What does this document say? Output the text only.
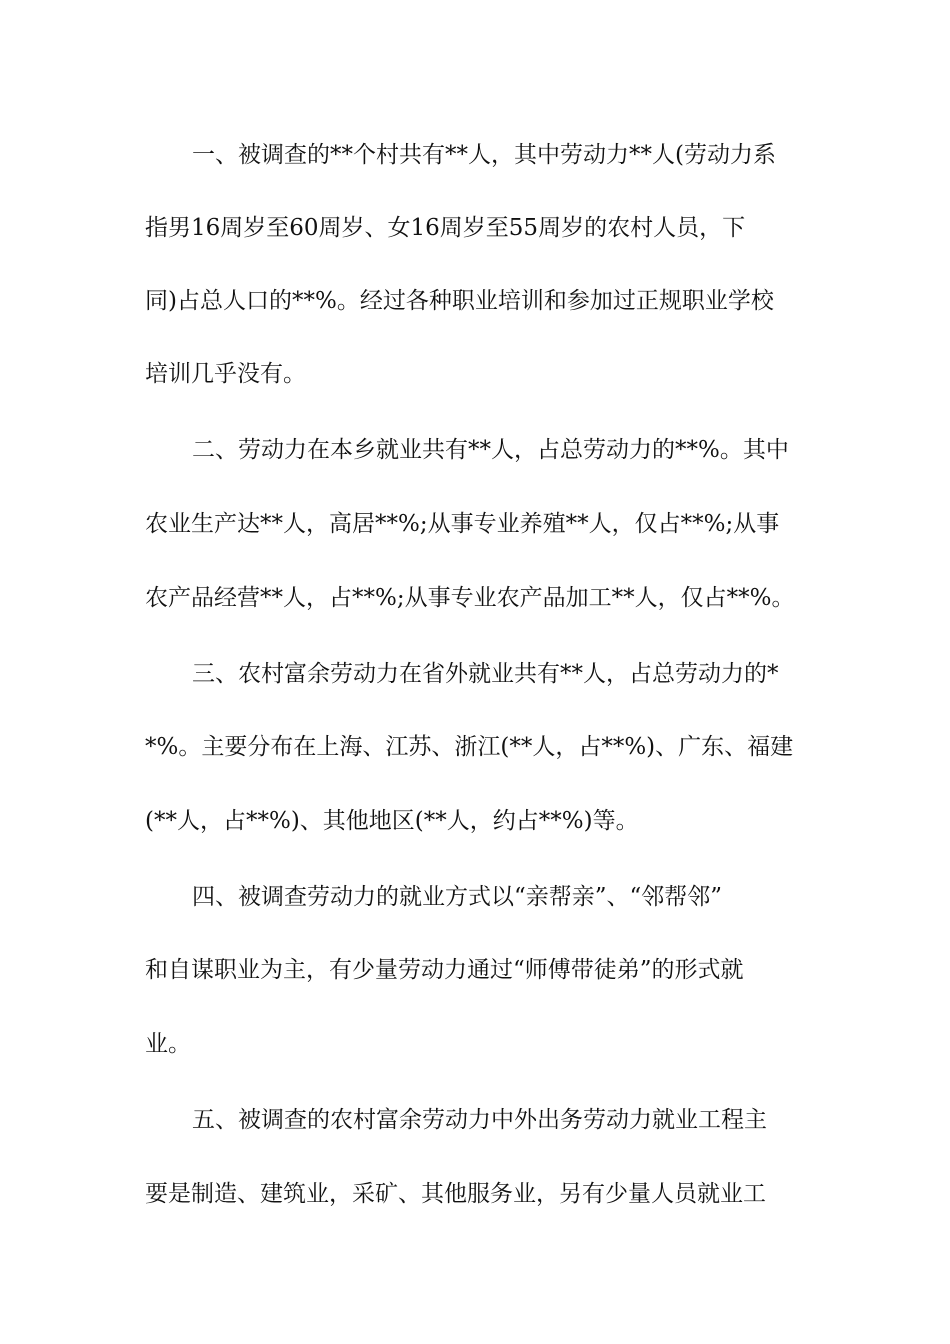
一、被调查的**个村共有**人，其中劳动力**人(劳动力系
指男16周岁至60周岁、女16周岁至55周岁的农村人员，下
同)占总人口的**%。经过各种职业培训和参加过正规职业学校
培训几乎没有。
二、劳动力在本乡就业共有**人，占总劳动力的**%。其中
农业生产达**人，高居**%;从事专业养殖**人，仅占**%;从事
农产品经营**人，占**%;从事专业农产品加工**人，仅占**%。
三、农村富余劳动力在省外就业共有**人，占总劳动力的*
*%。主要分布在上海、江苏、浙江(**人，占**%)、广东、福建
(**人，占**%)、其他地区(**人，约占**%)等。
四、被调查劳动力的就业方式以“亲帮亲”、“邻帮邻”
和自谋职业为主，有少量劳动力通过“师傅带徒弟”的形式就
业。
五、被调查的农村富余劳动力中外出务劳动力就业工程主
要是制造、建筑业，采矿、其他服务业，另有少量人员就业工
